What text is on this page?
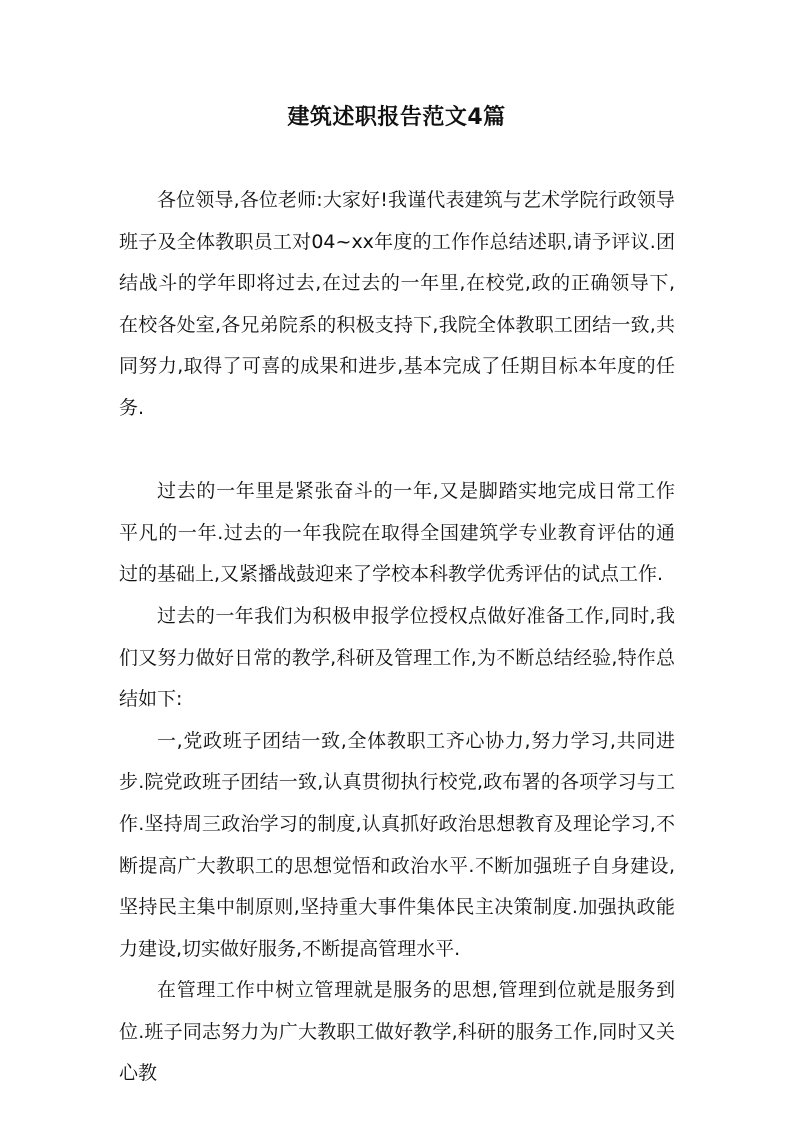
建筑述职报告范文4篇

各位领导,各位老师:大家好!我谨代表建筑与艺术学院行政领导班子及全体教职员工对04~xx年度的工作作总结述职,请予评议.团结战斗的学年即将过去,在过去的一年里,在校党,政的正确领导下,在校各处室,各兄弟院系的积极支持下,我院全体教职工团结一致,共同努力,取得了可喜的成果和进步,基本完成了任期目标本年度的任务.

过去的一年里是紧张奋斗的一年,又是脚踏实地完成日常工作平凡的一年.过去的一年我院在取得全国建筑学专业教育评估的通过的基础上,又紧播战鼓迎来了学校本科教学优秀评估的试点工作.

过去的一年我们为积极申报学位授权点做好准备工作,同时,我们又努力做好日常的教学,科研及管理工作,为不断总结经验,特作总结如下:

一,党政班子团结一致,全体教职工齐心协力,努力学习,共同进步.院党政班子团结一致,认真贯彻执行校党,政布署的各项学习与工作.坚持周三政治学习的制度,认真抓好政治思想教育及理论学习,不断提高广大教职工的思想觉悟和政治水平.不断加强班子自身建设,坚持民主集中制原则,坚持重大事件集体民主决策制度.加强执政能力建设,切实做好服务,不断提高管理水平.

在管理工作中树立管理就是服务的思想,管理到位就是服务到位.班子同志努力为广大教职工做好教学,科研的服务工作,同时又关心教
